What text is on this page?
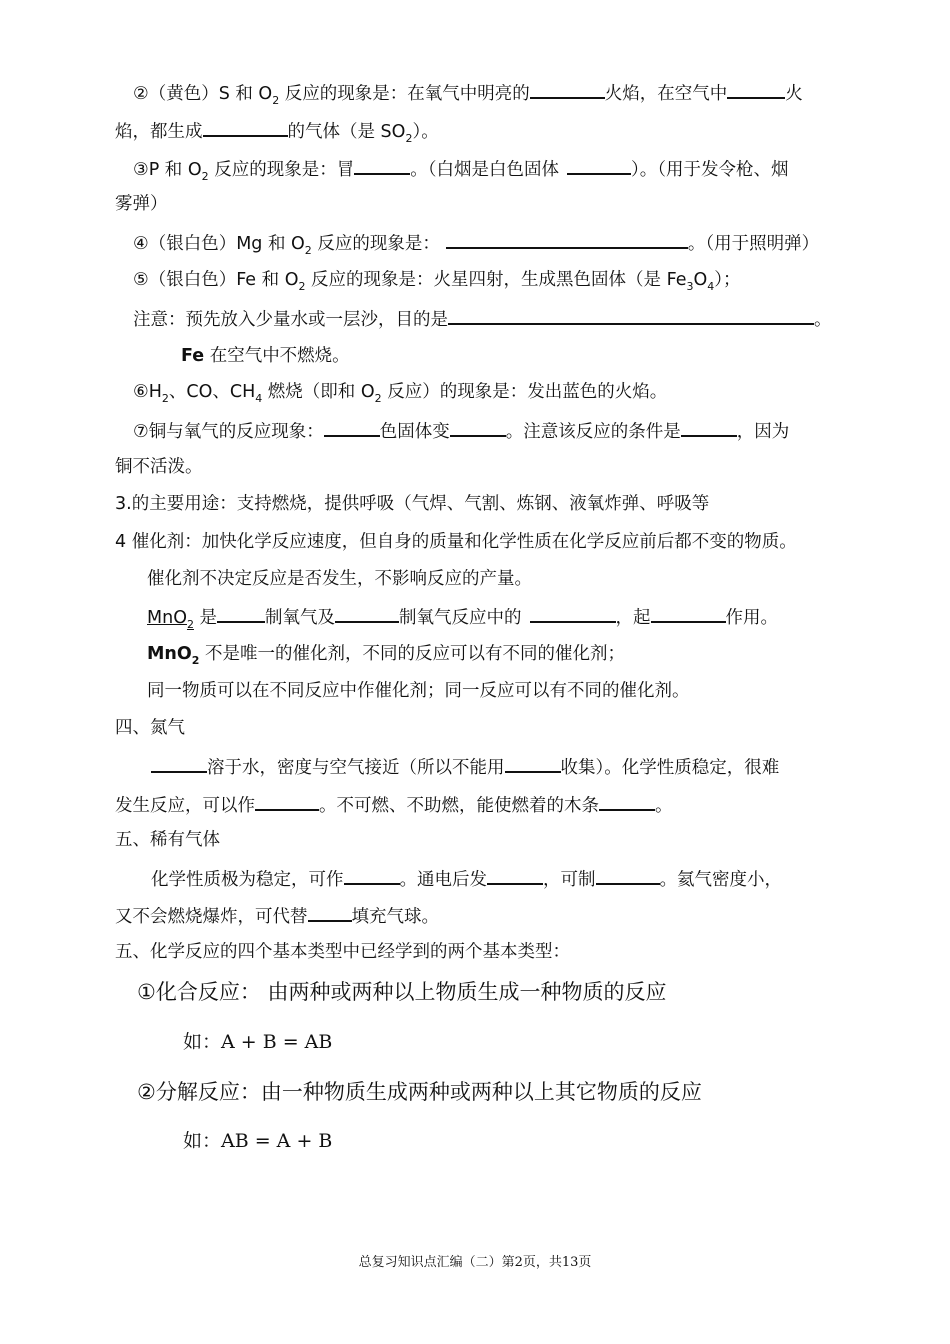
②（黄色）S 和 $O_2$ 反应的现象是：在氧气中明亮的	火焰，在空气中	火
焰，都生成	的气体（是 $SO_2$）。
③P 和 $O_2$ 反应的现象是：冒	。（白烟是白色固体	）。（用于发令枪、烟
雾弹）
④（银白色）Mg 和 $O_2$ 反应的现象是：	。（用于照明弹）
⑤（银白色）Fe 和 $O_2$ 反应的现象是：火星四射，生成黑色固体（是 $Fe_3O_4$）；
注意：预先放入少量水或一层沙，目的是	。
Fe 在空气中不燃烧。
$⑥H_2$、CO、$CH_4$ 燃烧（即和 $O_2$ 反应）的现象是：发出蓝色的火焰。
⑦铜与氧气的反应现象：	色固体变	。注意该反应的条件是	，因为
铜不活泼。
3.的主要用途：支持燃烧，提供呼吸（气焊、气割、炼钢、液氧炸弹、呼吸等
4 催化剂：加快化学反应速度，但自身的质量和化学性质在化学反应前后都不变的物质。
催化剂不决定反应是否发生，不影响反应的产量。
MnO$_2$ 是	制氧气及	制氧气反应中的	，起	作用。
MnO$_2$ 不是唯一的催化剂，不同的反应可以有不同的催化剂；
同一物质可以在不同反应中作催化剂；同一反应可以有不同的催化剂。
四、氮气
溶于水，密度与空气接近（所以不能用	收集）。化学性质稳定，很难
发生反应，可以作	。不可燃、不助燃，能使燃着的木条	。
五、稀有气体
化学性质极为稳定，可作	。通电后发	，可制	。氦气密度小，
又不会燃烧爆炸，可代替	填充气球。
五、化学反应的四个基本类型中已经学到的两个基本类型：
①化合反应： 由两种或两种以上物质生成一种物质的反应
如：A + B = AB
②分解反应：由一种物质生成两种或两种以上其它物质的反应
如：AB = A + B
总复习知识点汇编（二）第2页，共13页
